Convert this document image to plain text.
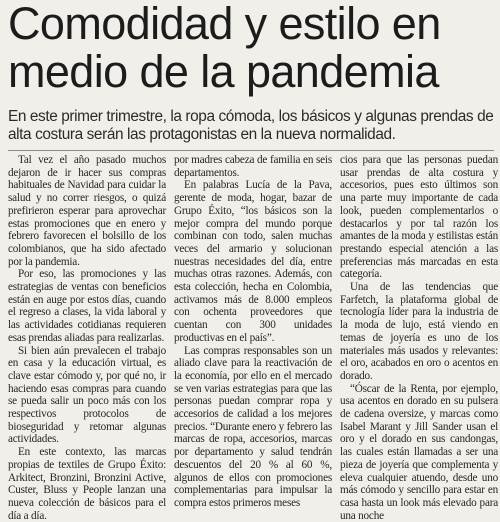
Comodidad y estilo en
medio de la pandemia

En este primer trimestre, la ropa cómoda, los básicos y algunas prendas de alta costura serán las protagonistas en la nueva normalidad.

Tal vez el año pasado muchos dejaron de ir hacer sus compras habituales de Navidad para cuidar la salud y no correr riesgos, o quizá prefirieron esperar para aprovechar estas promociones que en enero y febrero favorecen el bolsillo de los colombianos, que ha sido afectado por la pandemia.

Por eso, las promociones y las estrategias de ventas con beneficios están en auge por estos días, cuando el regreso a clases, la vida laboral y las actividades cotidianas requieren esas prendas aliadas para realizarlas.

Si bien aún prevalecen el trabajo en casa y la educación virtual, es clave estar cómodo y, por qué no, ir haciendo esas compras para cuando se pueda salir un poco más con los respectivos protocolos de bioseguridad y retomar algunas actividades.

En este contexto, las marcas propias de textiles de Grupo Éxito: Arkitect, Bronzini, Bronzini Active, Custer, Bluss y People lanzan una nueva colección de básicos para el día a día.

por madres cabeza de familia en seis departamentos.

En palabras Lucía de la Pava, gerente de moda, hogar, bazar de Grupo Éxito, “los básicos son la mejor compra del mundo porque combinan con todo, salen muchas veces del armario y solucionan nuestras necesidades del día, entre muchas otras razones. Además, con esta colección, hecha en Colombia, activamos más de 8.000 empleos con ochenta proveedores que cuentan con 300 unidades productivas en el país”.

Las compras responsables son un aliado clave para la reactivación de la economía, por ello en el mercado se ven varias estrategias para que las personas puedan comprar ropa y accesorios de calidad a los mejores precios. “Durante enero y febrero las marcas de ropa, accesorios, marcas por departamento y salud tendrán descuentos del 20 % al 60 %, algunos de ellos con promociones complementarias para impulsar la compra estos primeros meses

cios para que las personas puedan usar prendas de alta costura y accesorios, pues esto últimos son una parte muy importante de cada look, pueden complementarlos o destacarlos y por tal razón los amantes de la moda y estilistas están prestando especial atención a las preferencias más marcadas en esta categoría.

Una de las tendencias que Farfetch, la plataforma global de tecnología líder para la industria de la moda de lujo, está viendo en temas de joyería es uno de los materiales más usados y relevantes: el oro, acabados en oro o acentos en dorado.

“Óscar de la Renta, por ejemplo, usa acentos en dorado en su pulsera de cadena oversize, y marcas como Isabel Marant y Jill Sander usan el oro y el dorado en sus candongas, las cuales están llamadas a ser una pieza de joyería que complementa y eleva cualquier atuendo, desde uno más cómodo y sencillo para estar en casa hasta un look más elevado para una noche
